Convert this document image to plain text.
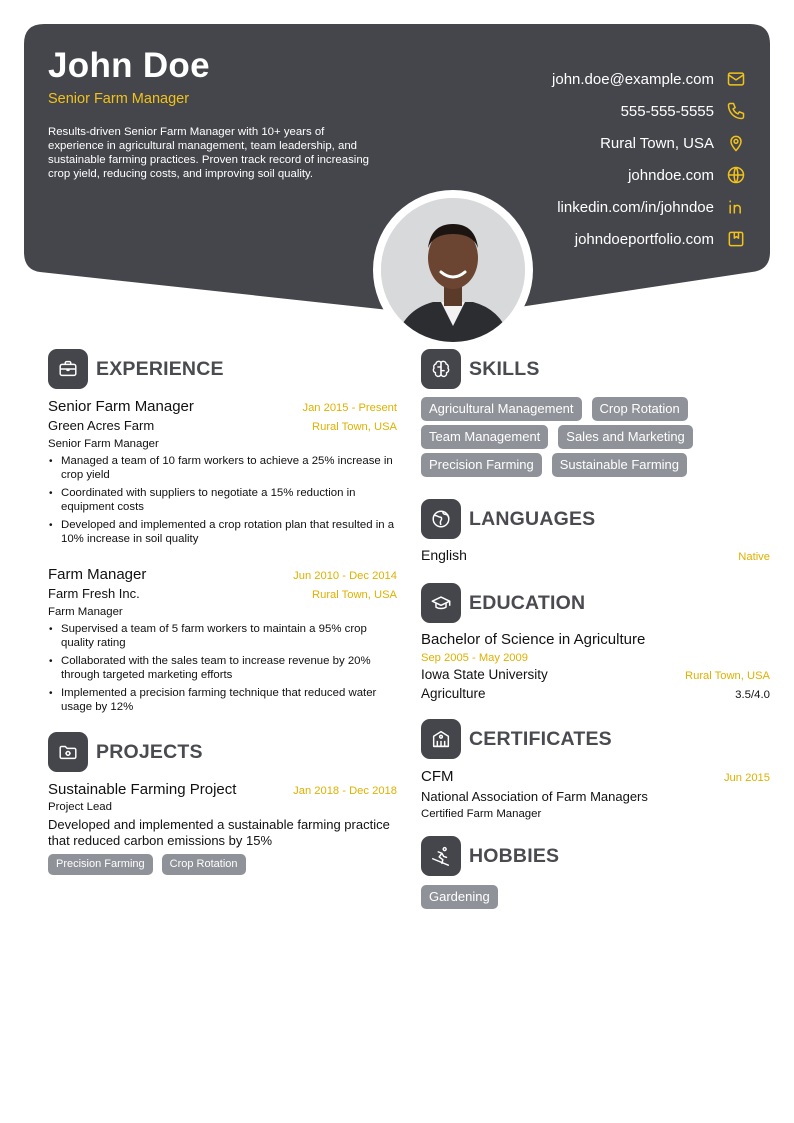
John Doe
Senior Farm Manager
Results-driven Senior Farm Manager with 10+ years of experience in agricultural management, team leadership, and sustainable farming practices. Proven track record of increasing crop yield, reducing costs, and improving soil quality.
john.doe@example.com
555-555-5555
Rural Town, USA
johndoe.com
linkedin.com/in/johndoe
johndoeportfolio.com
EXPERIENCE
Senior Farm Manager	Jan 2015 - Present
Green Acres Farm	Rural Town, USA
Senior Farm Manager
• Managed a team of 10 farm workers to achieve a 25% increase in crop yield
• Coordinated with suppliers to negotiate a 15% reduction in equipment costs
• Developed and implemented a crop rotation plan that resulted in a 10% increase in soil quality
Farm Manager	Jun 2010 - Dec 2014
Farm Fresh Inc.	Rural Town, USA
Farm Manager
• Supervised a team of 5 farm workers to maintain a 95% crop quality rating
• Collaborated with the sales team to increase revenue by 20% through targeted marketing efforts
• Implemented a precision farming technique that reduced water usage by 12%
PROJECTS
Sustainable Farming Project	Jan 2018 - Dec 2018
Project Lead
Developed and implemented a sustainable farming practice that reduced carbon emissions by 15%
Precision Farming	Crop Rotation
SKILLS
Agricultural Management	Crop Rotation
Team Management	Sales and Marketing
Precision Farming	Sustainable Farming
LANGUAGES
English	Native
EDUCATION
Bachelor of Science in Agriculture
Sep 2005 - May 2009
Iowa State University	Rural Town, USA
Agriculture	3.5/4.0
CERTIFICATES
CFM	Jun 2015
National Association of Farm Managers
Certified Farm Manager
HOBBIES
Gardening
